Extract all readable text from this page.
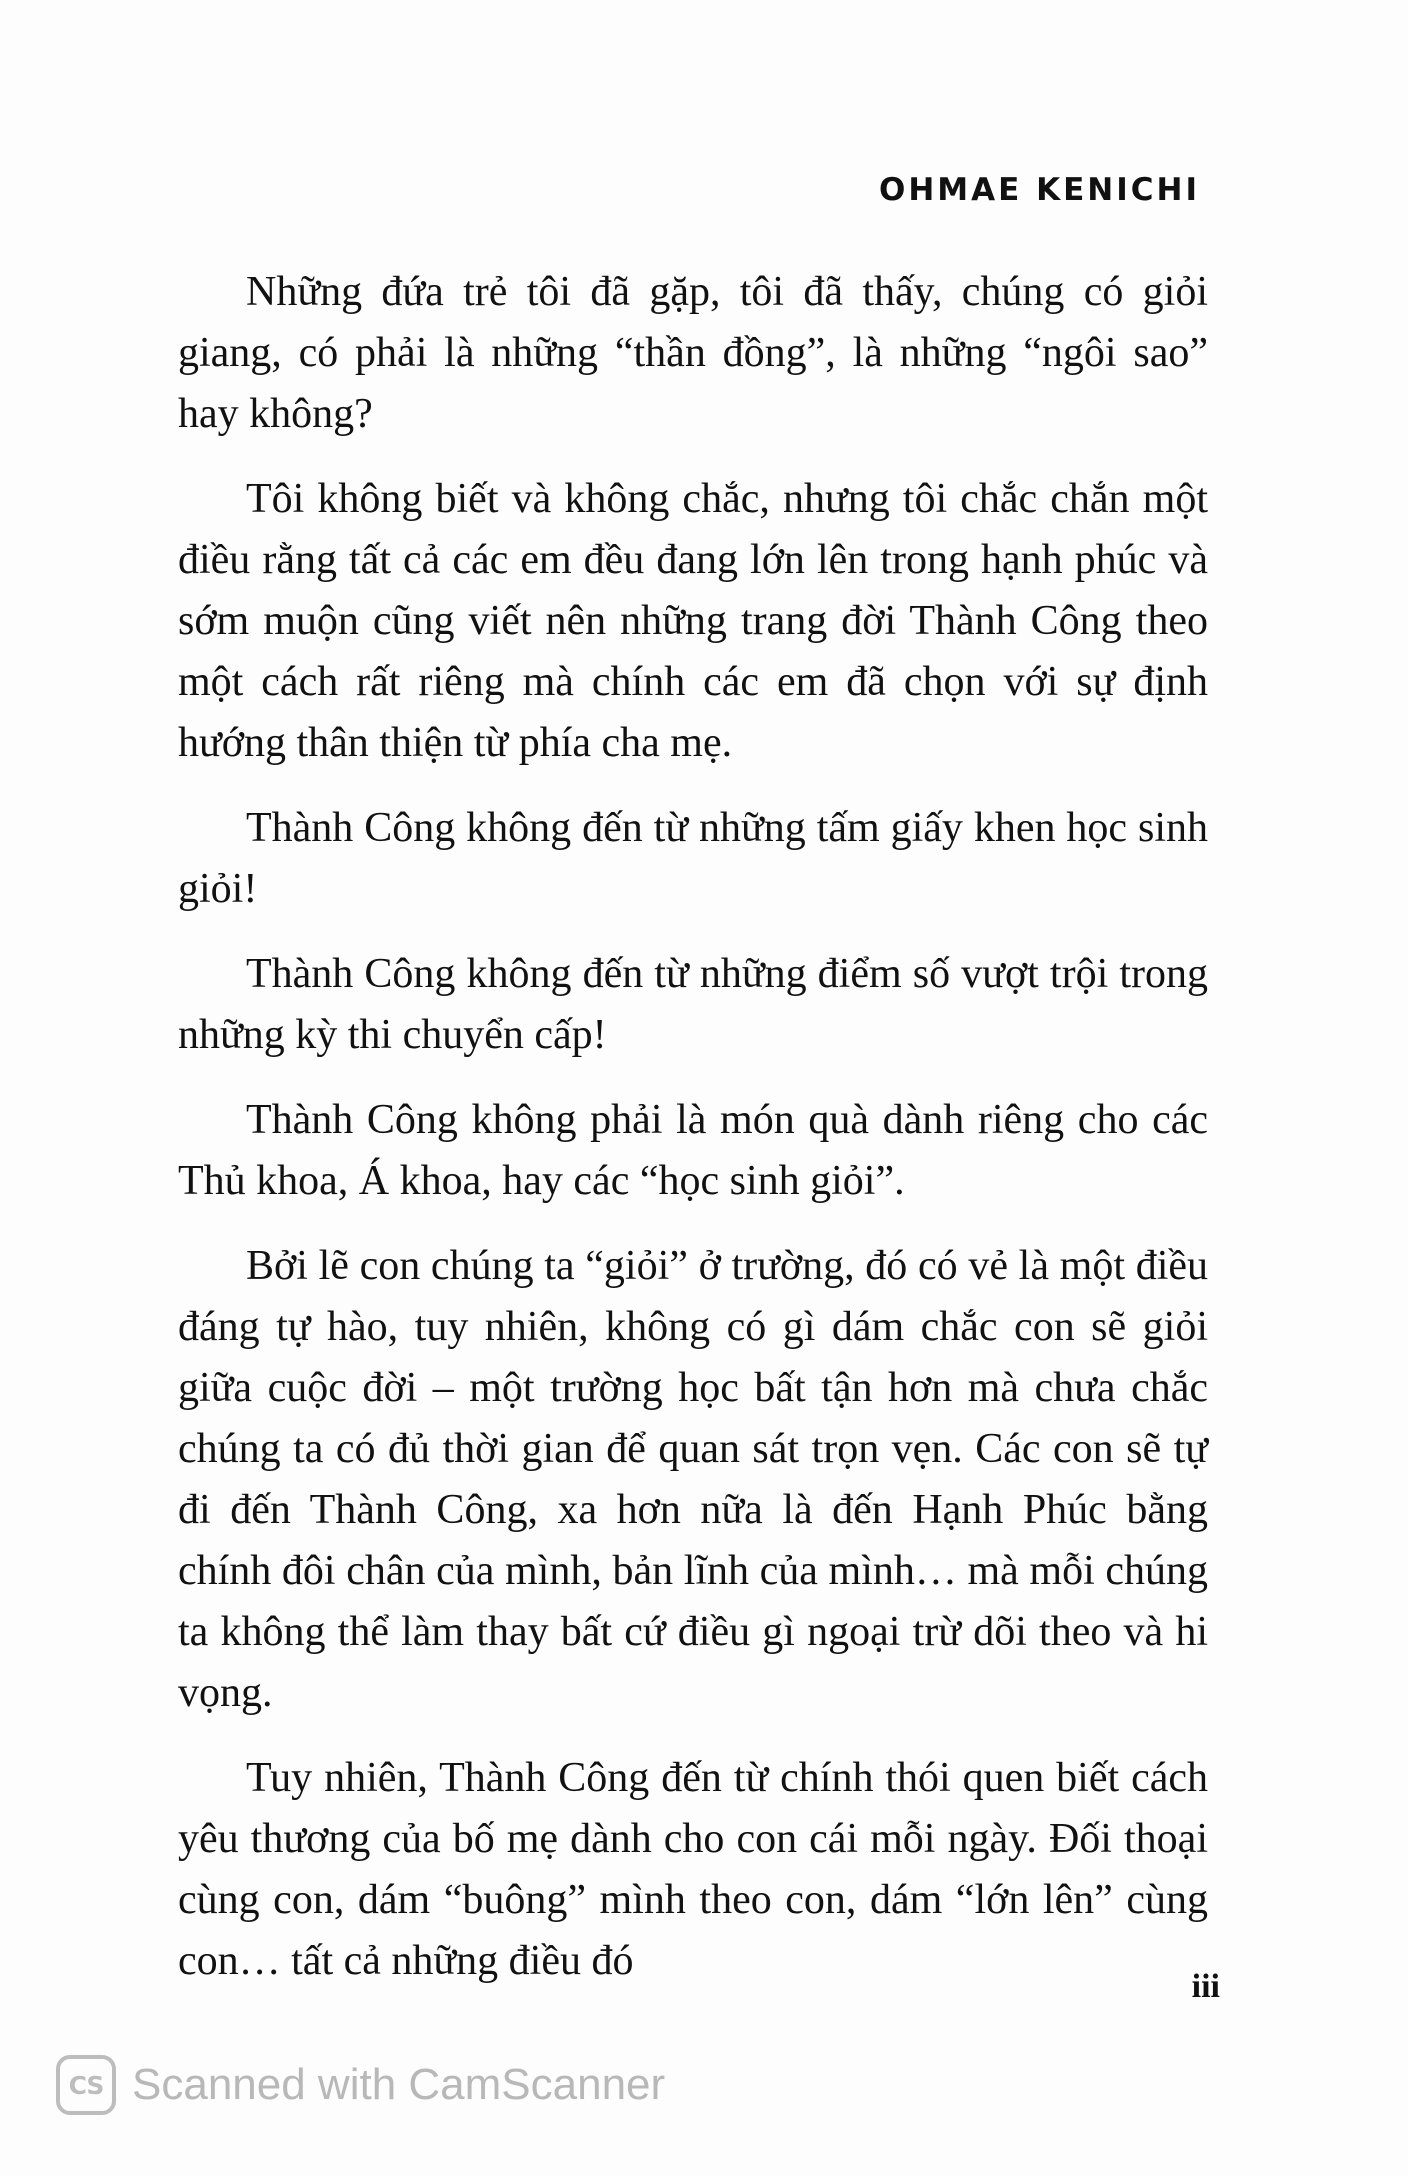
OHMAE KENICHI

Những đứa trẻ tôi đã gặp, tôi đã thấy, chúng có giỏi giang, có phải là những “thần đồng”, là những “ngôi sao” hay không?

Tôi không biết và không chắc, nhưng tôi chắc chắn một điều rằng tất cả các em đều đang lớn lên trong hạnh phúc và sớm muộn cũng viết nên những trang đời Thành Công theo một cách rất riêng mà chính các em đã chọn với sự định hướng thân thiện từ phía cha mẹ.

Thành Công không đến từ những tấm giấy khen học sinh giỏi!

Thành Công không đến từ những điểm số vượt trội trong những kỳ thi chuyển cấp!

Thành Công không phải là món quà dành riêng cho các Thủ khoa, Á khoa, hay các “học sinh giỏi”.

Bởi lẽ con chúng ta “giỏi” ở trường, đó có vẻ là một điều đáng tự hào, tuy nhiên, không có gì dám chắc con sẽ giỏi giữa cuộc đời – một trường học bất tận hơn mà chưa chắc chúng ta có đủ thời gian để quan sát trọn vẹn. Các con sẽ tự đi đến Thành Công, xa hơn nữa là đến Hạnh Phúc bằng chính đôi chân của mình, bản lĩnh của mình… mà mỗi chúng ta không thể làm thay bất cứ điều gì ngoại trừ dõi theo và hi vọng.

Tuy nhiên, Thành Công đến từ chính thói quen biết cách yêu thương của bố mẹ dành cho con cái mỗi ngày. Đối thoại cùng con, dám “buông” mình theo con, dám “lớn lên” cùng con… tất cả những điều đó

iii
CS Scanned with CamScanner
